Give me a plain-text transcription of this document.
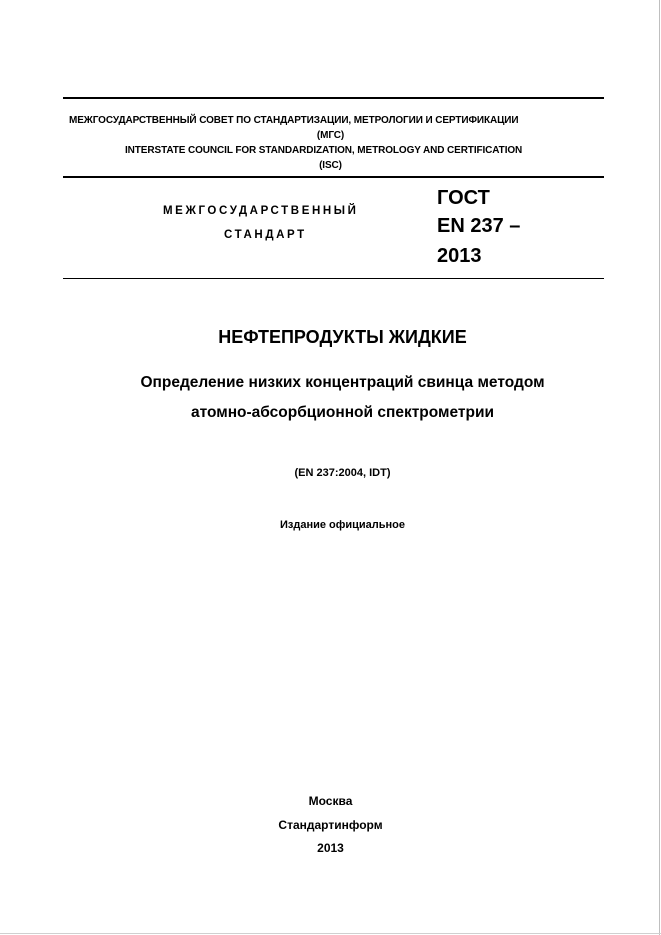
МЕЖГОСУДАРСТВЕННЫЙ СОВЕТ ПО СТАНДАРТИЗАЦИИ, МЕТРОЛОГИИ И СЕРТИФИКАЦИИ
(МГС)
INTERSTATE COUNCIL FOR STANDARDIZATION, METROLOGY AND CERTIFICATION
(ISC)
МЕЖГОСУДАРСТВЕННЫЙ
СТАНДАРТ
ГОСТ
EN 237 –
2013
НЕФТЕПРОДУКТЫ ЖИДКИЕ
Определение низких концентраций свинца методом
атомно-абсорбционной спектрометрии
(EN 237:2004, IDT)
Издание официальное
Москва
Стандартинформ
2013
